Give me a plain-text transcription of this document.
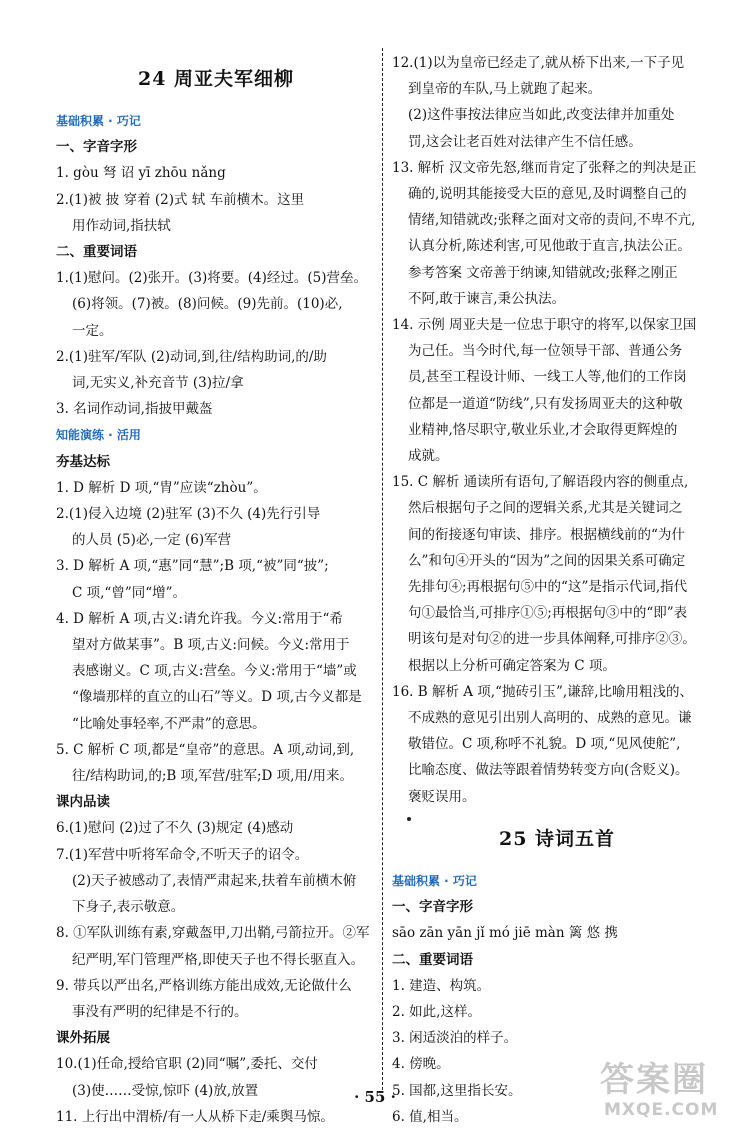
24 周亚夫军细柳
基础积累 · 巧记
一、字音字形
1. gòu 弩 诏 yī zhōu nǎng
2.(1)被 披 穿着 (2)式 轼 车前横木。这里
用作动词,指扶轼
二、重要词语
1.(1)慰问。(2)张开。(3)将要。(4)经过。(5)营垒。
(6)将领。(7)被。(8)问候。(9)先前。(10)必,
一定。
2.(1)驻军/军队 (2)动词,到,往/结构助词,的/助
词,无实义,补充音节 (3)拉/拿
3. 名词作动词,指披甲戴盔
知能演练 · 活用
夯基达标
1. D 解析 D 项,“胄”应读“zhòu”。
2.(1)侵入边境 (2)驻军 (3)不久 (4)先行引导
的人员 (5)必,一定 (6)军营
3. D 解析 A 项,“惠”同“慧”;B 项,“被”同“披”;
C 项,“曾”同“增”。
4. D 解析 A 项,古义:请允许我。今义:常用于“希
望对方做某事”。B 项,古义:问候。今义:常用于
表感谢义。C 项,古义:营垒。今义:常用于“墙”或
“像墙那样的直立的山石”等义。D 项,古今义都是
“比喻处事轻率,不严肃”的意思。
5. C 解析 C 项,都是“皇帝”的意思。A 项,动词,到,
往/结构助词,的;B 项,军营/驻军;D 项,用/用来。
课内品读
6.(1)慰问 (2)过了不久 (3)规定 (4)感动
7.(1)军营中听将军命令,不听天子的诏令。
(2)天子被感动了,表情严肃起来,扶着车前横木俯
下身子,表示敬意。
8. ①军队训练有素,穿戴盔甲,刀出鞘,弓箭拉开。②军
纪严明,军门管理严格,即使天子也不得长驱直入。
9. 带兵以严出名,严格训练方能出成效,无论做什么
事没有严明的纪律是不行的。
课外拓展
10.(1)任命,授给官职 (2)同“嘱”,委托、交付
(3)使……受惊,惊吓 (4)放,放置
11. 上行出中渭桥/有一人从桥下走/乘舆马惊。
12.(1)以为皇帝已经走了,就从桥下出来,一下子见
到皇帝的车队,马上就跑了起来。
(2)这件事按法律应当如此,改变法律并加重处
罚,这会让老百姓对法律产生不信任感。
13. 解析 汉文帝先怒,继而肯定了张释之的判决是正
确的,说明其能接受大臣的意见,及时调整自己的
情绪,知错就改;张释之面对文帝的责问,不卑不亢,
认真分析,陈述利害,可见他敢于直言,执法公正。
参考答案 文帝善于纳谏,知错就改;张释之刚正
不阿,敢于谏言,秉公执法。
14. 示例 周亚夫是一位忠于职守的将军,以保家卫国
为己任。当今时代,每一位领导干部、普通公务
员,甚至工程设计师、一线工人等,他们的工作岗
位都是一道道“防线”,只有发扬周亚夫的这种敬
业精神,恪尽职守,敬业乐业,才会取得更辉煌的
成就。
15. C 解析 通读所有语句,了解语段内容的侧重点,
然后根据句子之间的逻辑关系,尤其是关键词之
间的衔接逐句审读、排序。根据横线前的“为什
么”和句④开头的“因为”之间的因果关系可确定
先排句④;再根据句⑤中的“这”是指示代词,指代
句①最恰当,可排序①⑤;再根据句③中的“即”表
明该句是对句②的进一步具体阐释,可排序②③。
根据以上分析可确定答案为 C 项。
16. B 解析 A 项,“抛砖引玉”,谦辞,比喻用粗浅的、
不成熟的意见引出别人高明的、成熟的意见。谦
敬错位。C 项,称呼不礼貌。D 项,“见风使舵”,
比喻态度、做法等跟着情势转变方向(含贬义)。
褒贬误用。
25 诗词五首
基础积累 · 巧记
一、字音字形
sāo zān yān jǐ mó jiē màn 篱 悠 携
二、重要词语
1. 建造、构筑。
2. 如此,这样。
3. 闲适淡泊的样子。
4. 傍晚。
5. 国都,这里指长安。
6. 值,相当。
· 55 ·	答案圈
MXQE.COM
